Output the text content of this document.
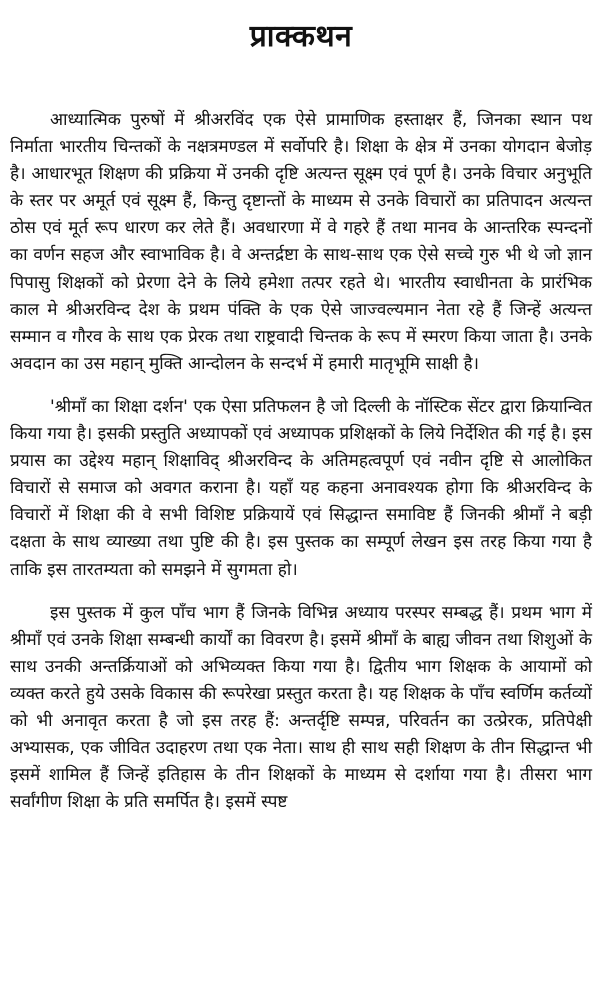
प्राक्कथन

आध्यात्मिक पुरुषों में श्रीअरविंद एक ऐसे प्रामाणिक हस्ताक्षर हैं, जिनका स्थान पथ निर्माता भारतीय चिन्तकों के नक्षत्रमण्डल में सर्वोपरि है। शिक्षा के क्षेत्र में उनका योगदान बेजोड़ है। आधारभूत शिक्षण की प्रक्रिया में उनकी दृष्टि अत्यन्त सूक्ष्म एवं पूर्ण है। उनके विचार अनुभूति के स्तर पर अमूर्त एवं सूक्ष्म हैं, किन्तु दृष्टान्तों के माध्यम से उनके विचारों का प्रतिपादन अत्यन्त ठोस एवं मूर्त रूप धारण कर लेते हैं। अवधारणा में वे गहरे हैं तथा मानव के आन्तरिक स्पन्दनों का वर्णन सहज और स्वाभाविक है। वे अन्तर्द्रष्टा के साथ-साथ एक ऐसे सच्चे गुरु भी थे जो ज्ञान पिपासु शिक्षकों को प्रेरणा देने के लिये हमेशा तत्पर रहते थे। भारतीय स्वाधीनता के प्रारंभिक काल मे श्रीअरविन्द देश के प्रथम पंक्ति के एक ऐसे जाज्वल्यमान नेता रहे हैं जिन्हें अत्यन्त सम्मान व गौरव के साथ एक प्रेरक तथा राष्ट्रवादी चिन्तक के रूप में स्मरण किया जाता है। उनके अवदान का उस महान् मुक्ति आन्दोलन के सन्दर्भ में हमारी मातृभूमि साक्षी है।

'श्रीमाँ का शिक्षा दर्शन' एक ऐसा प्रतिफलन है जो दिल्ली के नॉस्टिक सेंटर द्वारा क्रियान्वित किया गया है। इसकी प्रस्तुति अध्यापकों एवं अध्यापक प्रशिक्षकों के लिये निर्देशित की गई है। इस प्रयास का उद्देश्य महान् शिक्षाविद् श्रीअरविन्द के अतिमहत्वपूर्ण एवं नवीन दृष्टि से आलोकित विचारों से समाज को अवगत कराना है। यहाँ यह कहना अनावश्यक होगा कि श्रीअरविन्द के विचारों में शिक्षा की वे सभी विशिष्ट प्रक्रियायें एवं सिद्धान्त समाविष्ट हैं जिनकी श्रीमाँ ने बड़ी दक्षता के साथ व्याख्या तथा पुष्टि की है। इस पुस्तक का सम्पूर्ण लेखन इस तरह किया गया है ताकि इस तारतम्यता को समझने में सुगमता हो।

इस पुस्तक में कुल पाँच भाग हैं जिनके विभिन्न अध्याय परस्पर सम्बद्ध हैं। प्रथम भाग में श्रीमाँ एवं उनके शिक्षा सम्बन्धी कार्यों का विवरण है। इसमें श्रीमाँ के बाह्य जीवन तथा शिशुओं के साथ उनकी अन्तर्क्रियाओं को अभिव्यक्त किया गया है। द्वितीय भाग शिक्षक के आयामों को व्यक्त करते हुये उसके विकास की रूपरेखा प्रस्तुत करता है। यह शिक्षक के पाँच स्वर्णिम कर्तव्यों को भी अनावृत करता है जो इस तरह हैं: अन्तर्दृष्टि सम्पन्न, परिवर्तन का उत्प्रेरक, प्रतिपेक्षी अभ्यासक, एक जीवित उदाहरण तथा एक नेता। साथ ही साथ सही शिक्षण के तीन सिद्धान्त भी इसमें शामिल हैं जिन्हें इतिहास के तीन शिक्षकों के माध्यम से दर्शाया गया है। तीसरा भाग सर्वांगीण शिक्षा के प्रति समर्पित है। इसमें स्पष्ट
